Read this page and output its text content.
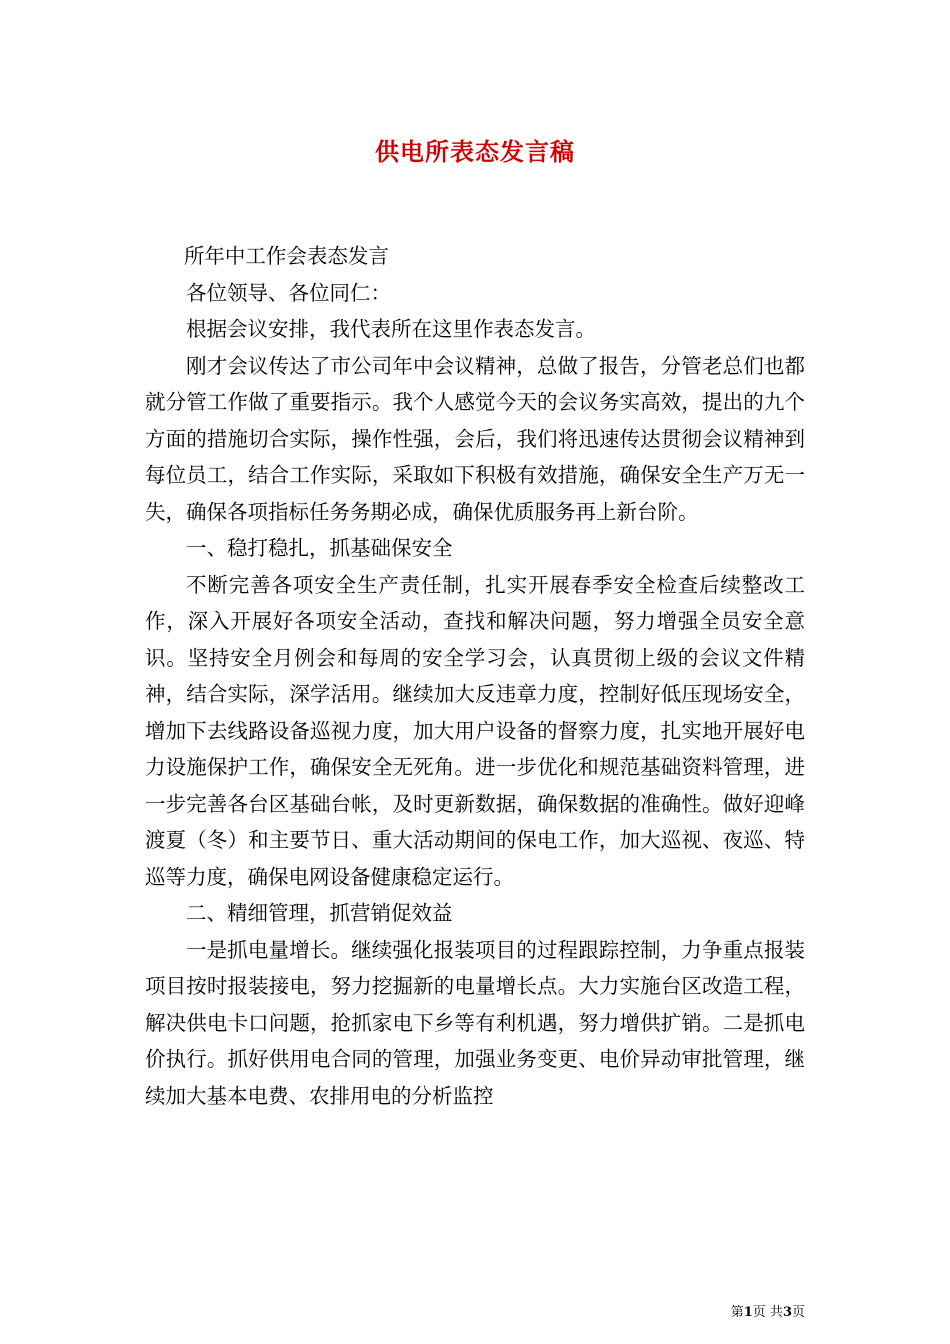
供电所表态发言稿

所年中工作会表态发言

各位领导、各位同仁：

根据会议安排，我代表所在这里作表态发言。

刚才会议传达了市公司年中会议精神，总做了报告，分管老总们也都就分管工作做了重要指示。我个人感觉今天的会议务实高效，提出的九个方面的措施切合实际，操作性强，会后，我们将迅速传达贯彻会议精神到每位员工，结合工作实际，采取如下积极有效措施，确保安全生产万无一失，确保各项指标任务务期必成，确保优质服务再上新台阶。

一、稳打稳扎，抓基础保安全

不断完善各项安全生产责任制，扎实开展春季安全检查后续整改工作，深入开展好各项安全活动，查找和解决问题，努力增强全员安全意识。坚持安全月例会和每周的安全学习会，认真贯彻上级的会议文件精神，结合实际，深学活用。继续加大反违章力度，控制好低压现场安全，增加下去线路设备巡视力度，加大用户设备的督察力度，扎实地开展好电力设施保护工作，确保安全无死角。进一步优化和规范基础资料管理，进一步完善各台区基础台帐，及时更新数据，确保数据的准确性。做好迎峰渡夏（冬）和主要节日、重大活动期间的保电工作，加大巡视、夜巡、特巡等力度，确保电网设备健康稳定运行。

二、精细管理，抓营销促效益

一是抓电量增长。继续强化报装项目的过程跟踪控制，力争重点报装项目按时报装接电，努力挖掘新的电量增长点。大力实施台区改造工程，解决供电卡口问题，抢抓家电下乡等有利机遇，努力增供扩销。二是抓电价执行。抓好供用电合同的管理，加强业务变更、电价异动审批管理，继续加大基本电费、农排用电的分析监控

第1页 共3页
